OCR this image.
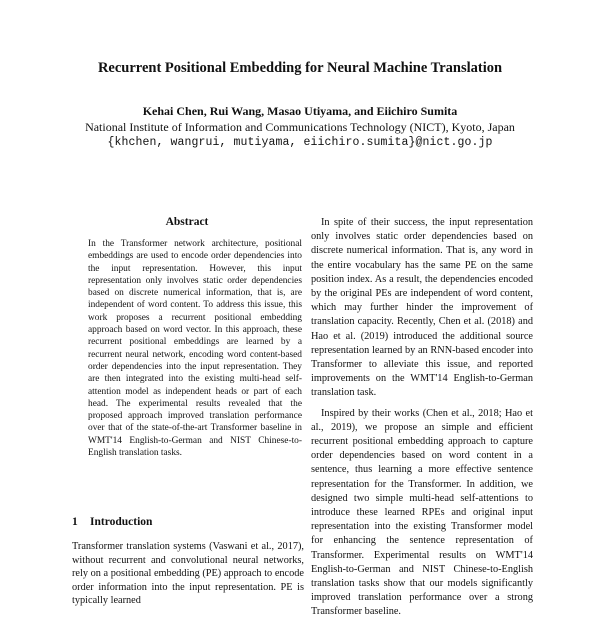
Recurrent Positional Embedding for Neural Machine Translation
Kehai Chen, Rui Wang, Masao Utiyama, and Eiichiro Sumita
National Institute of Information and Communications Technology (NICT), Kyoto, Japan
{khchen, wangrui, mutiyama, eiichiro.sumita}@nict.go.jp
Abstract

In the Transformer network architecture, positional embeddings are used to encode order dependencies into the input representation. However, this input representation only involves static order dependencies based on discrete numerical information, that is, are independent of word content. To address this issue, this work proposes a recurrent positional embedding approach based on word vector. In this approach, these recurrent positional embeddings are learned by a recurrent neural network, encoding word content-based order dependencies into the input representation. They are then integrated into the existing multi-head self-attention model as independent heads or part of each head. The experimental results revealed that the proposed approach improved translation performance over that of the state-of-the-art Transformer baseline in WMT'14 English-to-German and NIST Chinese-to-English translation tasks.

1 Introduction

Transformer translation systems (Vaswani et al., 2017), without recurrent and convolutional neural networks, rely on a positional embedding (PE) approach to encode order information into the input representation. PE is typically learned

In spite of their success, the input representation only involves static order dependencies based on discrete numerical information. That is, any word in the entire vocabulary has the same PE on the same position index. As a result, the dependencies encoded by the original PEs are independent of word content, which may further hinder the improvement of translation capacity. Recently, Chen et al. (2018) and Hao et al. (2019) introduced the additional source representation learned by an RNN-based encoder into Transformer to alleviate this issue, and reported improvements on the WMT'14 English-to-German translation task.

Inspired by their works (Chen et al., 2018; Hao et al., 2019), we propose an simple and efficient recurrent positional embedding approach to capture order dependencies based on word content in a sentence, thus learning a more effective sentence representation for the Transformer. In addition, we designed two simple multi-head self-attentions to introduce these learned RPEs and original input representation into the existing Transformer model for enhancing the sentence representation of Transformer. Experimental results on WMT'14 English-to-German and NIST Chinese-to-English translation tasks show that our models significantly improved translation performance over a strong Transformer baseline.
